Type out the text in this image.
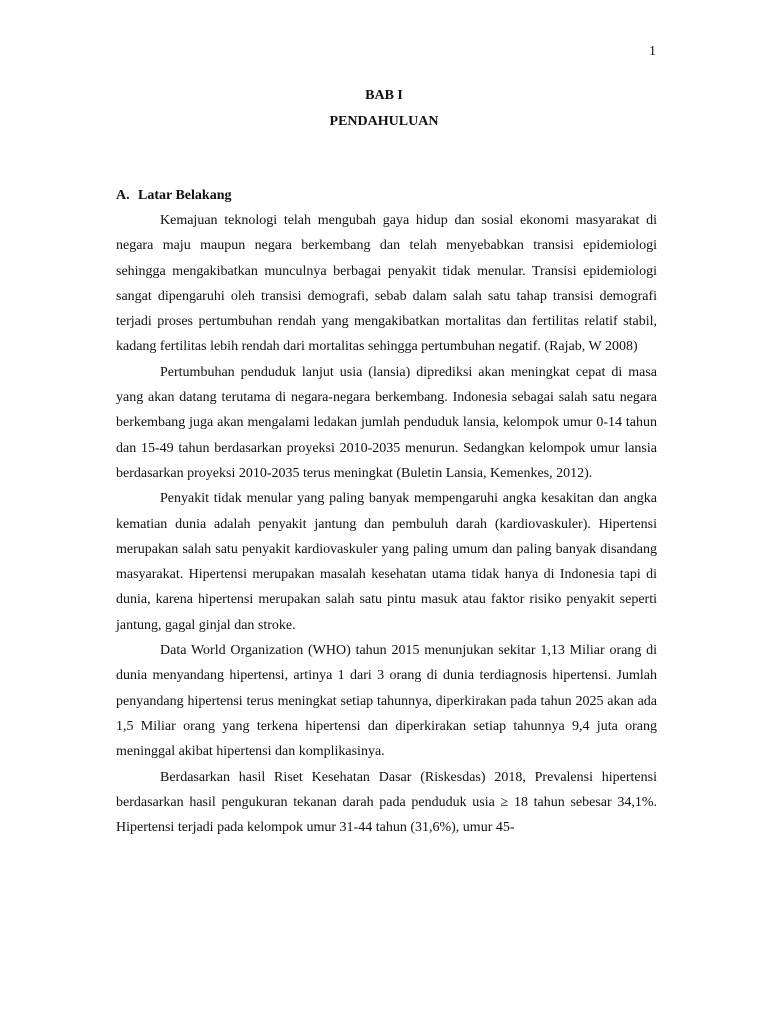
1
BAB I
PENDAHULUAN
A. Latar Belakang

Kemajuan teknologi telah mengubah gaya hidup dan sosial ekonomi masyarakat di negara maju maupun negara berkembang dan telah menyebabkan transisi epidemiologi sehingga mengakibatkan munculnya berbagai penyakit tidak menular. Transisi epidemiologi sangat dipengaruhi oleh transisi demografi, sebab dalam salah satu tahap transisi demografi terjadi proses pertumbuhan rendah yang mengakibatkan mortalitas dan fertilitas relatif stabil, kadang fertilitas lebih rendah dari mortalitas sehingga pertumbuhan negatif. (Rajab, W 2008)

Pertumbuhan penduduk lanjut usia (lansia) diprediksi akan meningkat cepat di masa yang akan datang terutama di negara-negara berkembang. Indonesia sebagai salah satu negara berkembang juga akan mengalami ledakan jumlah penduduk lansia, kelompok umur 0-14 tahun dan 15-49 tahun berdasarkan proyeksi 2010-2035 menurun. Sedangkan kelompok umur lansia berdasarkan proyeksi 2010-2035 terus meningkat (Buletin Lansia, Kemenkes, 2012).

Penyakit tidak menular yang paling banyak mempengaruhi angka kesakitan dan angka kematian dunia adalah penyakit jantung dan pembuluh darah (kardiovaskuler). Hipertensi merupakan salah satu penyakit kardiovaskuler yang paling umum dan paling banyak disandang masyarakat. Hipertensi merupakan masalah kesehatan utama tidak hanya di Indonesia tapi di dunia, karena hipertensi merupakan salah satu pintu masuk atau faktor risiko penyakit seperti jantung, gagal ginjal dan stroke.

Data World Organization (WHO) tahun 2015 menunjukan sekitar 1,13 Miliar orang di dunia menyandang hipertensi, artinya 1 dari 3 orang di dunia terdiagnosis hipertensi. Jumlah penyandang hipertensi terus meningkat setiap tahunnya, diperkirakan pada tahun 2025 akan ada 1,5 Miliar orang yang terkena hipertensi dan diperkirakan setiap tahunnya 9,4 juta orang meninggal akibat hipertensi dan komplikasinya.

Berdasarkan hasil Riset Kesehatan Dasar (Riskesdas) 2018, Prevalensi hipertensi berdasarkan hasil pengukuran tekanan darah pada penduduk usia ≥ 18 tahun sebesar 34,1%. Hipertensi terjadi pada kelompok umur 31-44 tahun (31,6%), umur 45-
